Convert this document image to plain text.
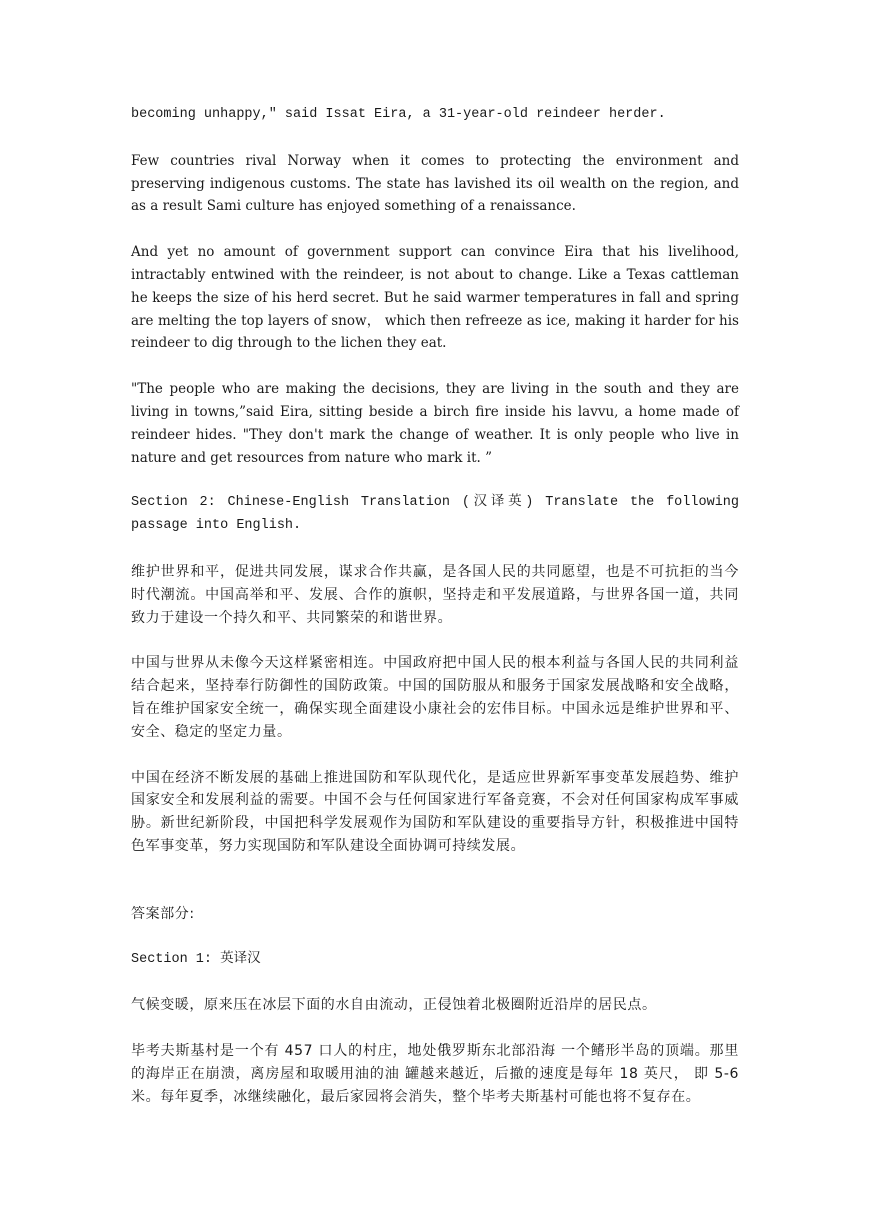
becoming unhappy," said Issat Eira, a 31-year-old reindeer herder.

Few countries rival Norway when it comes to protecting the environment and preserving indigenous customs. The state has lavished its oil wealth on the region, and as a result Sami culture has enjoyed something of a renaissance.

And yet no amount of government support can convince Eira that his livelihood, intractably entwined with the reindeer, is not about to change. Like a Texas cattleman he keeps the size of his herd secret. But he said warmer temperatures in fall and spring are melting the top layers of snow， which then refreeze as ice, making it harder for his reindeer to dig through to the lichen they eat.

"The people who are making the decisions, they are living in the south and they are living in towns,”said Eira, sitting beside a birch fire inside his lavvu, a home made of reindeer hides. "They don't mark the change of weather. It is only people who live in nature and get resources from nature who mark it. ”

Section 2: Chinese-English Translation (汉译英) Translate the following passage into English.

维护世界和平，促进共同发展，谋求合作共赢，是各国人民的共同愿望，也是不可抗拒的当今时代潮流。中国高举和平、发展、合作的旗帜，坚持走和平发展道路，与世界各国一道，共同致力于建设一个持久和平、共同繁荣的和谐世界。

中国与世界从未像今天这样紧密相连。中国政府把中国人民的根本利益与各国人民的共同利益结合起来，坚持奉行防御性的国防政策。中国的国防服从和服务于国家发展战略和安全战略，旨在维护国家安全统一，确保实现全面建设小康社会的宏伟目标。中国永远是维护世界和平、安全、稳定的坚定力量。

中国在经济不断发展的基础上推进国防和军队现代化，是适应世界新军事变革发展趋势、维护国家安全和发展利益的需要。中国不会与任何国家进行军备竞赛，不会对任何国家构成军事威胁。新世纪新阶段，中国把科学发展观作为国防和军队建设的重要指导方针，积极推进中国特色军事变革，努力实现国防和军队建设全面协调可持续发展。

答案部分:

Section 1: 英译汉

气候变暖，原来压在冰层下面的水自由流动，正侵蚀着北极圈附近沿岸的居民点。

毕考夫斯基村是一个有 457 口人的村庄，地处俄罗斯东北部沿海 一个鳍形半岛的顶端。那里的海岸正在崩溃，离房屋和取暖用油的油 罐越来越近，后撤的速度是每年 18 英尺， 即 5-6 米。每年夏季，冰继续融化，最后家园将会消失，整个毕考夫斯基村可能也将不复存在。
